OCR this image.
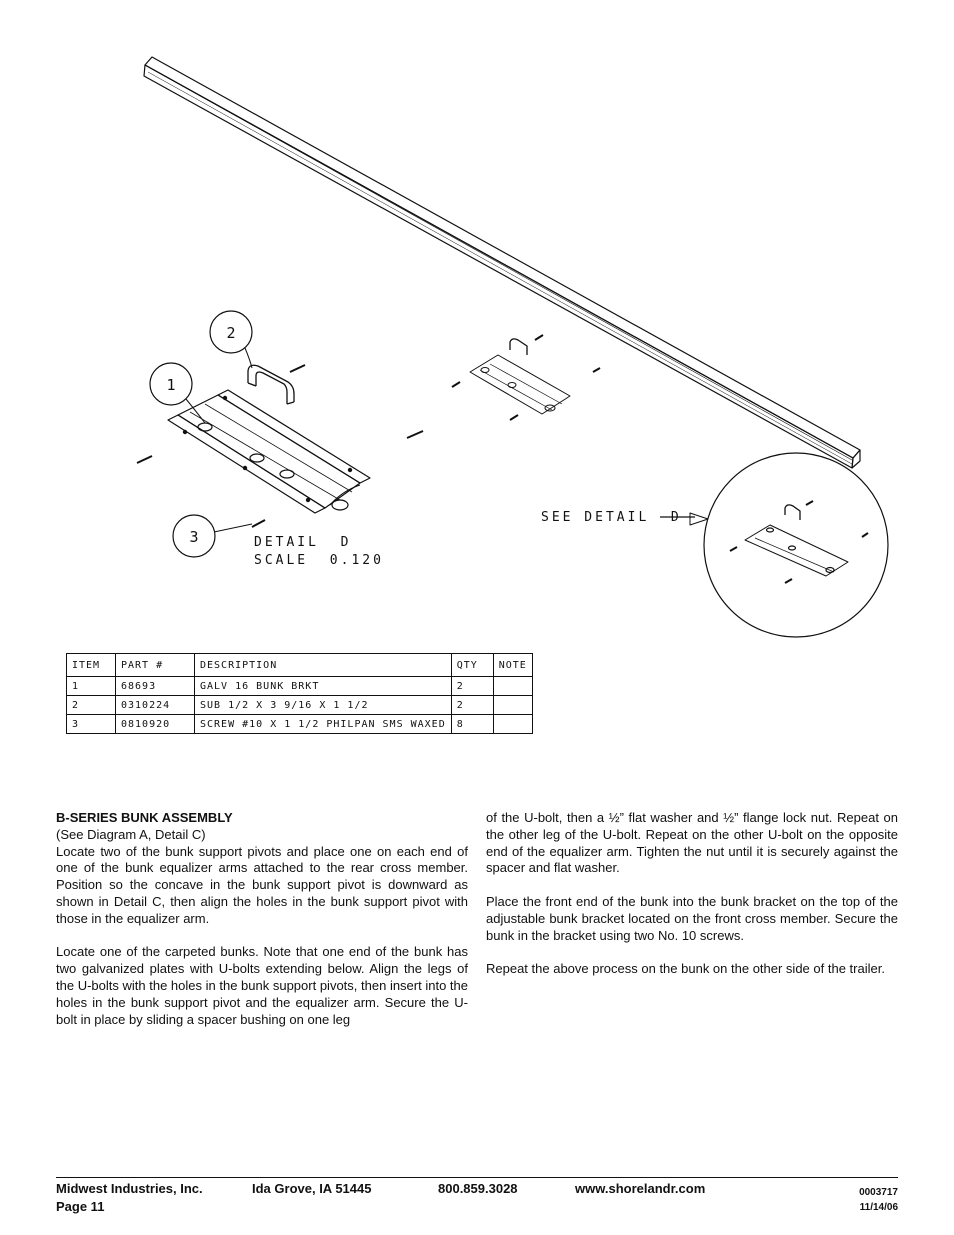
1
2
3	DETAIL  D
SCALE  0.120
SEE DETAIL  D
ITEM	PART #	DESCRIPTION	QTY	NOTE
1	68693	GALV 16 BUNK BRKT	2	
2	0310224	SUB 1/2 X 3 9/16 X 1 1/2	2	
3	0810920	SCREW #10 X 1 1/2 PHILPAN SMS WAXED	8	
B-SERIES BUNK ASSEMBLY
(See Diagram A, Detail C)

Locate two of the bunk support pivots and place one on each end of one of the bunk equalizer arms attached to the rear cross member. Position so the concave in the bunk support pivot is downward as shown in Detail C, then align the holes in the bunk support pivot with those in the equalizer arm.

Locate one of the carpeted bunks. Note that one end of the bunk has two galvanized plates with U-bolts extending below. Align the legs of the U-bolts with the holes in the bunk support pivots, then insert into the holes in the bunk support pivot and the equalizer arm. Secure the U-bolt in place by sliding a spacer bushing on one leg

of the U-bolt, then a ½” flat washer and ½” flange lock nut. Repeat on the other leg of the U-bolt. Repeat on the other U-bolt on the opposite end of the equalizer arm. Tighten the nut until it is securely against the spacer and flat washer.

Place the front end of the bunk into the bunk bracket on the top of the adjustable bunk bracket located on the front cross member. Secure the bunk in the bracket using two No. 10 screws.

Repeat the above process on the bunk on the other side of the trailer.

Midwest Industries, Inc.
Page 11
Ida Grove, IA 51445	800.859.3028	www.shorelandr.com	0003717
11/14/06
